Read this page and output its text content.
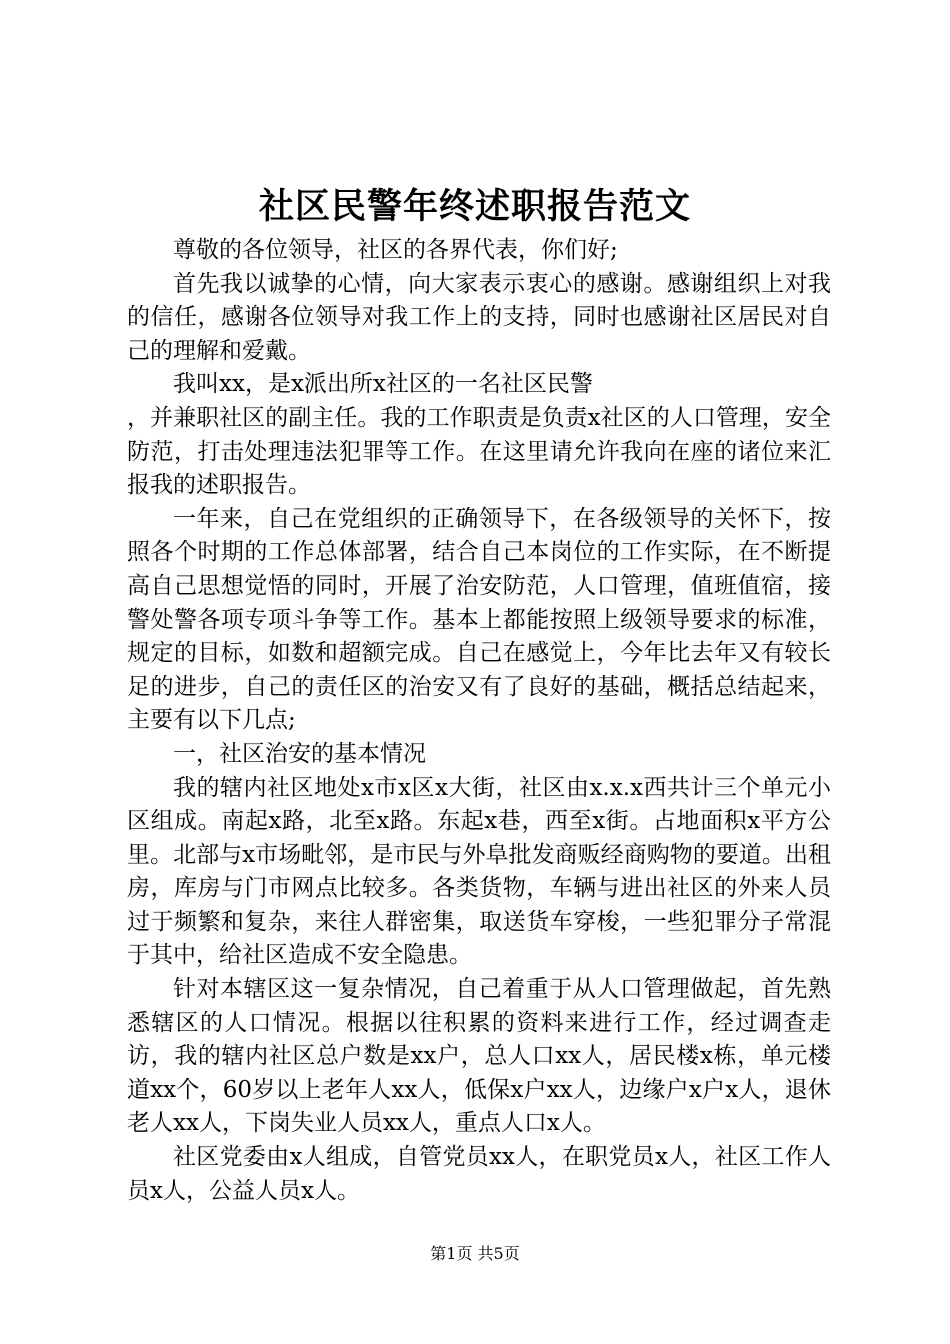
社区民警年终述职报告范文

尊敬的各位领导，社区的各界代表，你们好;

首先我以诚挚的心情，向大家表示衷心的感谢。感谢组织上对我的信任，感谢各位领导对我工作上的支持，同时也感谢社区居民对自己的理解和爱戴。

我叫xx，是x派出所x社区的一名社区民警

，并兼职社区的副主任。我的工作职责是负责x社区的人口管理，安全防范，打击处理违法犯罪等工作。在这里请允许我向在座的诸位来汇报我的述职报告。

一年来，自己在党组织的正确领导下，在各级领导的关怀下，按照各个时期的工作总体部署，结合自己本岗位的工作实际，在不断提高自己思想觉悟的同时，开展了治安防范，人口管理，值班值宿，接警处警各项专项斗争等工作。基本上都能按照上级领导要求的标准，规定的目标，如数和超额完成。自己在感觉上，今年比去年又有较长足的进步，自己的责任区的治安又有了良好的基础，概括总结起来，主要有以下几点;

一，社区治安的基本情况

我的辖内社区地处x市x区x大街，社区由x.x.x西共计三个单元小区组成。南起x路，北至x路。东起x巷，西至x街。占地面积x平方公里。北部与x市场毗邻，是市民与外阜批发商贩经商购物的要道。出租房，库房与门市网点比较多。各类货物，车辆与进出社区的外来人员过于频繁和复杂，来往人群密集，取送货车穿梭，一些犯罪分子常混于其中，给社区造成不安全隐患。

针对本辖区这一复杂情况，自己着重于从人口管理做起，首先熟悉辖区的人口情况。根据以往积累的资料来进行工作，经过调查走访，我的辖内社区总户数是xx户，总人口xx人，居民楼x栋，单元楼道xx个，60岁以上老年人xx人，低保x户xx人，边缘户x户x人，退休老人xx人，下岗失业人员xx人，重点人口x人。

社区党委由x人组成，自管党员xx人，在职党员x人，社区工作人员x人，公益人员x人。

第1页 共5页
